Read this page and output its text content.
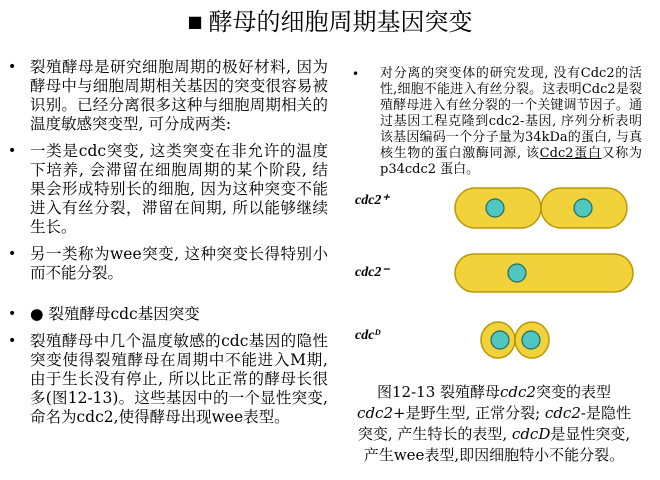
■ 酵母的细胞周期基因突变
• 裂殖酵母是研究细胞周期的极好材料, 因为酵母中与细胞周期相关基因的突变很容易被识别。已经分离很多这种与细胞周期相关的温度敏感突变型, 可分成两类:
• 一类是cdc突变, 这类突变在非允许的温度下培养, 会滞留在细胞周期的某个阶段, 结果会形成特别长的细胞, 因为这种突变不能进入有丝分裂，滞留在间期, 所以能够继续生长。
• 另一类称为wee突变, 这种突变长得特别小而不能分裂。
• ● 裂殖酵母cdc基因突变
• 裂殖酵母中几个温度敏感的cdc基因的隐性突变使得裂殖酵母在周期中不能进入M期,由于生长没有停止, 所以比正常的酵母长很多(图12-13)。这些基因中的一个显性突变, 命名为cdc2,使得酵母出现wee表型。
• 对分离的突变体的研究发现, 没有Cdc2的活性,细胞不能进入有丝分裂。这表明Cdc2是裂殖酵母进入有丝分裂的一个关键调节因子。通过基因工程克隆到cdc2-基因, 序列分析表明该基因编码一个分子量为34kDa的蛋白, 与真核生物的蛋白激酶同源, 该Cdc2蛋白又称为p34cdc2 蛋白。
cdc2⁺
cdc2⁻
cdcᴰ
图12-13 裂殖酵母cdc2突变的表型
cdc2+是野生型, 正常分裂; cdc2-是隐性
突变, 产生特长的表型, cdcD是显性突变,
产生wee表型,即因细胞特小不能分裂。
